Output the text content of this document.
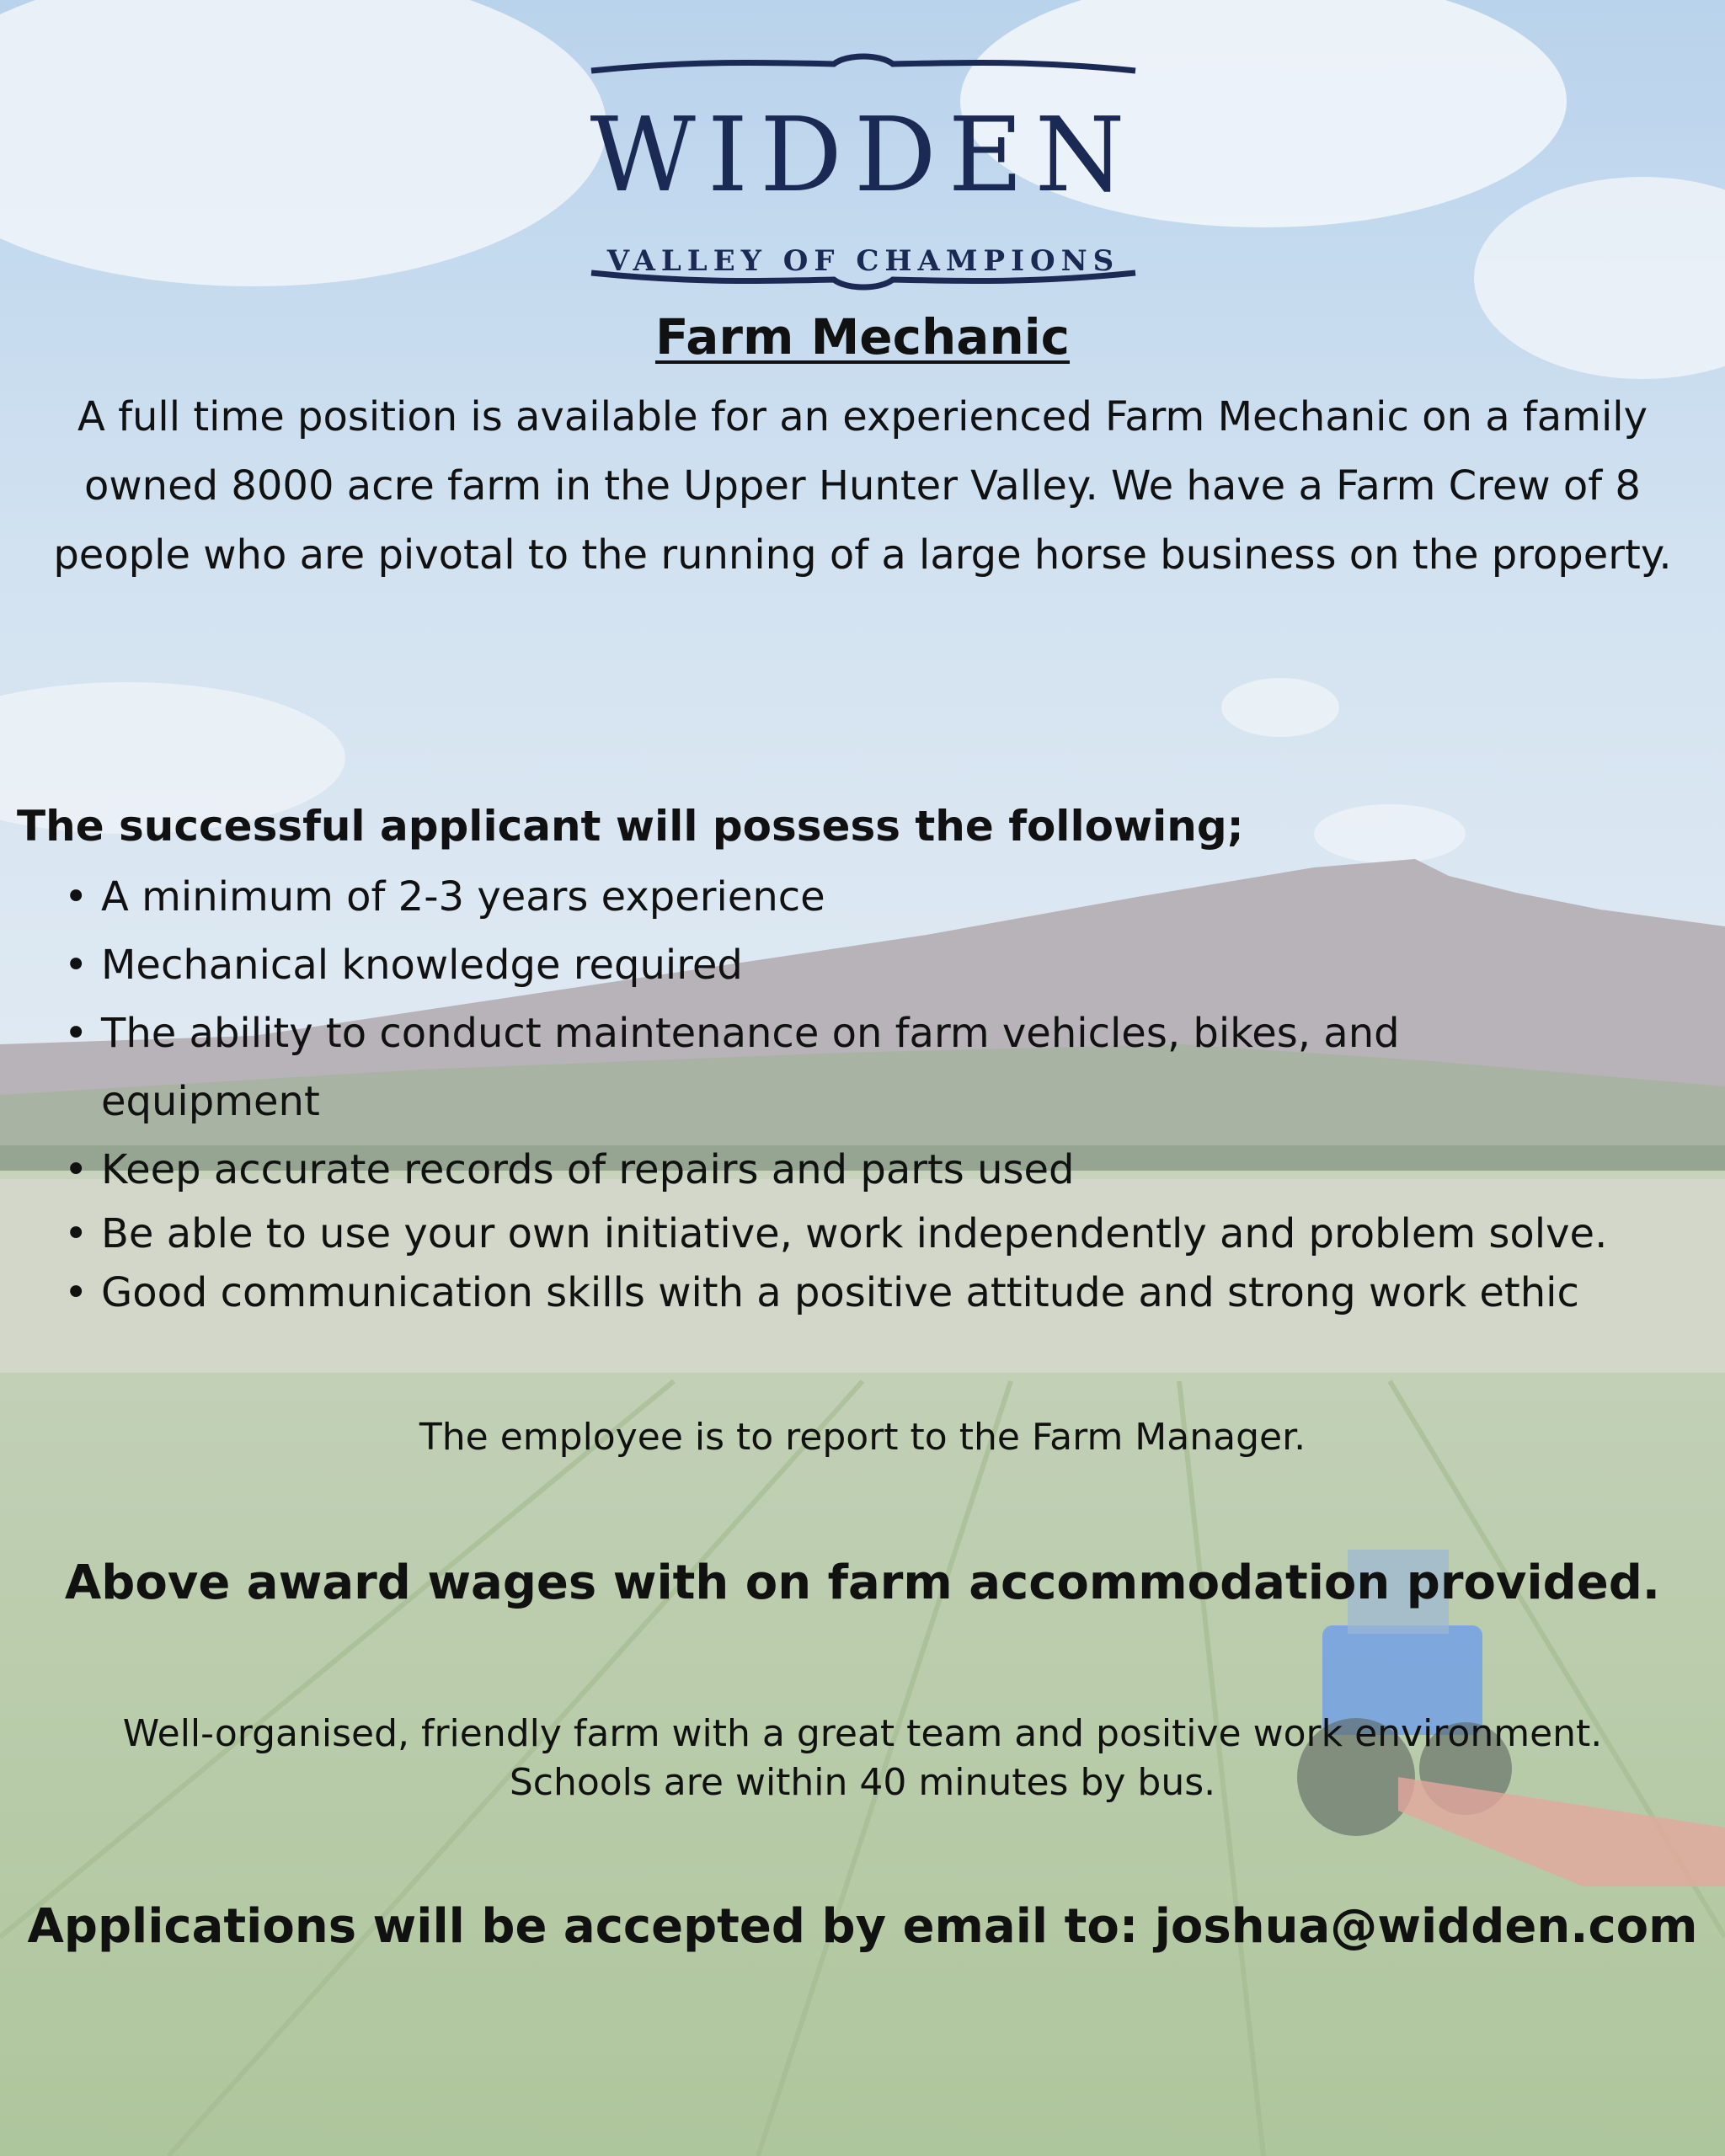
WIDDEN
VALLEY OF CHAMPIONS
Farm Mechanic
A full time position is available for an experienced Farm Mechanic on a family owned 8000 acre farm in the Upper Hunter Valley. We have a Farm Crew of 8 people who are pivotal to the running of a large horse business on the property.
The successful applicant will possess the following;
• A minimum of 2-3 years experience
• Mechanical knowledge required
• The ability to conduct maintenance on farm vehicles, bikes, and equipment
• Keep accurate records of repairs and parts used
• Be able to use your own initiative, work independently and problem solve.
• Good communication skills with a positive attitude and strong work ethic
The employee is to report to the Farm Manager.
Above award wages with on farm accommodation provided.
Well-organised, friendly farm with a great team and positive work environment.
Schools are within 40 minutes by bus.
Applications will be accepted by email to: joshua@widden.com
